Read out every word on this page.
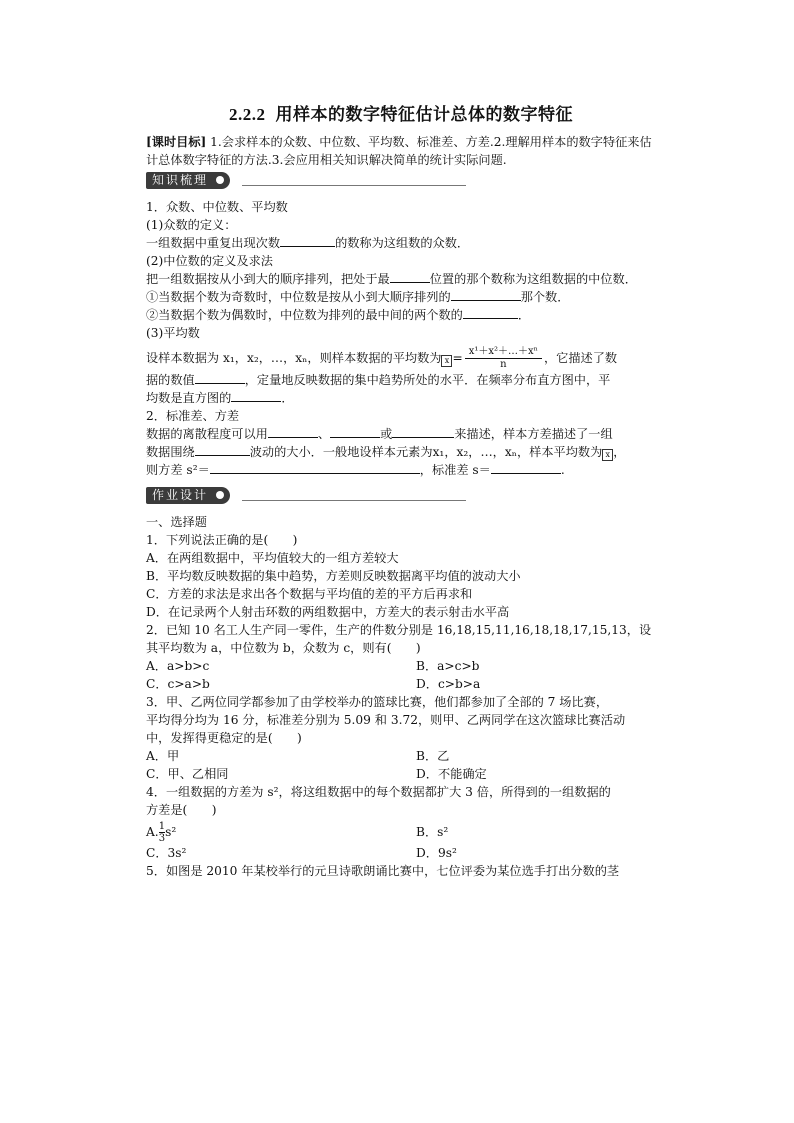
2.2.2 用样本的数字特征估计总体的数字特征

[课时目标] 1.会求样本的众数、中位数、平均数、标准差、方差.2.理解用样本的数字特征来估计总体数字特征的方法.3.会应用相关知识解决简单的统计实际问题.

知识梳理

1．众数、中位数、平均数

(1)众数的定义：

一组数据中重复出现次数	的数称为这组数的众数．

(2)中位数的定义及求法

把一组数据按从小到大的顺序排列，把处于最	位置的那个数称为这组数据的中位数．

①当数据个数为奇数时，中位数是按从小到大顺序排列的	那个数．

②当数据个数为偶数时，中位数为排列的最中间的两个数的	．

(3)平均数

设样本数据为 x₁，x₂，…，xₙ，则样本数据的平均数为 $x = \frac{\text{x¹＋x²＋…＋xⁿ}}{n}$ ，它描述了数

据的数值	，定量地反映数据的集中趋势所处的水平．在频率分布直方图中，平

均数是直方图的	．

2．标准差、方差

数据的离散程度可以用	、	或	来描述，样本方差描述了一组

数据围绕	波动的大小．一般地设样本元素为x₁，x₂，…，xₙ，样本平均数为 x ，

则方差 s²＝	，标准差 s＝	.

作业设计

一、选择题

1．下列说法正确的是(　　)

A．在两组数据中，平均值较大的一组方差较大

B．平均数反映数据的集中趋势，方差则反映数据离平均值的波动大小

C．方差的求法是求出各个数据与平均值的差的平方后再求和

D．在记录两个人射击环数的两组数据中，方差大的表示射击水平高

2．已知 10 名工人生产同一零件，生产的件数分别是 16,18,15,11,16,18,18,17,15,13，设

其平均数为 a，中位数为 b，众数为 c，则有(　　)

A．a>b>c	B．a>c>b
C．c>a>b	D．c>b>a

3．甲、乙两位同学都参加了由学校举办的篮球比赛，他们都参加了全部的 7 场比赛，

平均得分均为 16 分，标准差分别为 5.09 和 3.72，则甲、乙两同学在这次篮球比赛活动

中，发挥得更稳定的是(　　)

A．甲	B．乙
C．甲、乙相同	D．不能确定

4．一组数据的方差为 s²，将这组数据中的每个数据都扩大 3 倍，所得到的一组数据的

方差是(　　)

A. $\frac{1}{3} s^2$	B．s²
C．3s²	D．9s²

5．如图是 2010 年某校举行的元旦诗歌朗诵比赛中，七位评委为某位选手打出分数的茎
